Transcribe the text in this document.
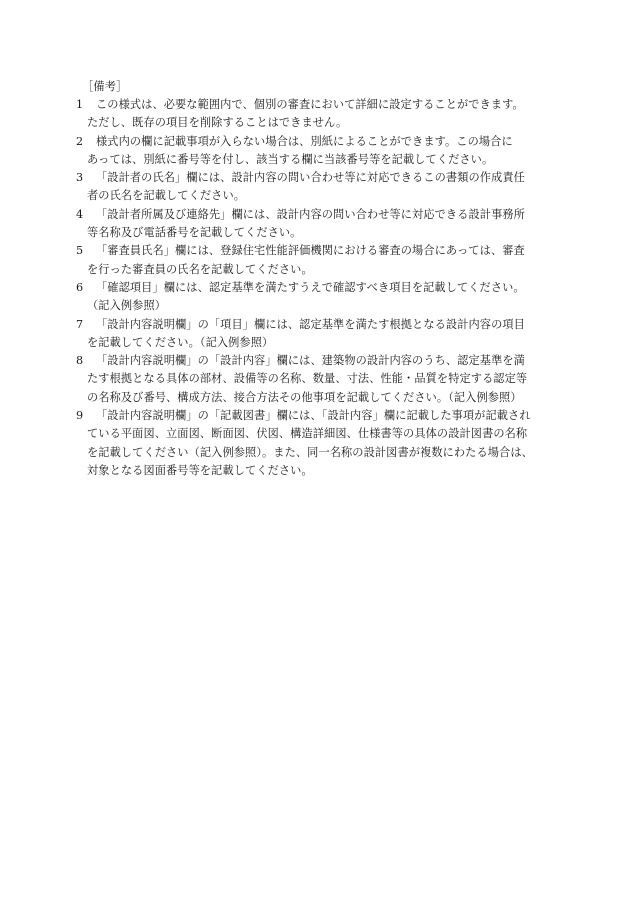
［備考］
1	この様式は、必要な範囲内で、個別の審査において詳細に設定することができます。
ただし、既存の項目を削除することはできません。
2	様式内の欄に記載事項が入らない場合は、別紙によることができます。この場合に
あっては、別紙に番号等を付し、該当する欄に当該番号等を記載してください。
3	「設計者の氏名」欄には、設計内容の問い合わせ等に対応できるこの書類の作成責任
者の氏名を記載してください。
4	「設計者所属及び連絡先」欄には、設計内容の問い合わせ等に対応できる設計事務所
等名称及び電話番号を記載してください。
5	「審査員氏名」欄には、登録住宅性能評価機関における審査の場合にあっては、審査
を行った審査員の氏名を記載してください。
6	「確認項目」欄には、認定基準を満たすうえで確認すべき項目を記載してください。
（記入例参照）
7	「設計内容説明欄」の「項目」欄には、認定基準を満たす根拠となる設計内容の項目
を記載してください。（記入例参照）
8	「設計内容説明欄」の「設計内容」欄には、建築物の設計内容のうち、認定基準を満
たす根拠となる具体の部材、設備等の名称、数量、寸法、性能・品質を特定する認定等
の名称及び番号、構成方法、接合方法その他事項を記載してください。（記入例参照）
9	「設計内容説明欄」の「記載図書」欄には、「設計内容」欄に記載した事項が記載され
ている平面図、立面図、断面図、伏図、構造詳細図、仕様書等の具体の設計図書の名称
を記載してください（記入例参照）。また、同一名称の設計図書が複数にわたる場合は、
対象となる図面番号等を記載してください。
